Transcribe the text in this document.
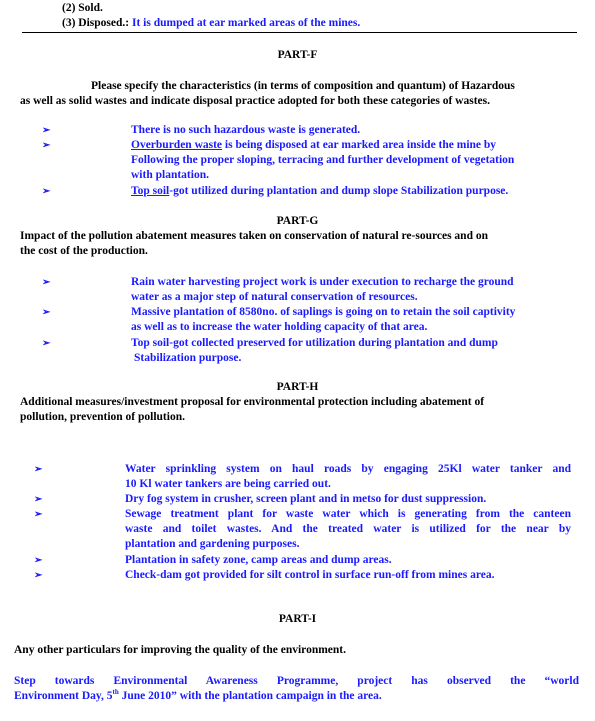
(2) Sold.
(3) Disposed.: It is dumped at ear marked areas of the mines.
PART-F
Please specify the characteristics (in terms of composition and quantum) of Hazardous
as well as solid wastes and indicate disposal practice adopted for both these categories of wastes.
➢	There is no such hazardous waste is generated.
➢	Overburden waste is being disposed at ear marked area inside the mine by
Following the proper sloping, terracing and further development of vegetation
with plantation.
➢	Top soil-got utilized during plantation and dump slope Stabilization purpose.
PART-G
Impact of the pollution abatement measures taken on conservation of natural re-sources and on
the cost of the production.
➢	Rain water harvesting project work is under execution to recharge the ground
water as a major step of natural conservation of resources.
➢	Massive plantation of 8580no. of saplings is going on to retain the soil captivity
as well as to increase the water holding capacity of that area.
➢	Top soil-got collected preserved for utilization during plantation and dump
Stabilization purpose.
PART-H
Additional measures/investment proposal for environmental protection including abatement of
pollution, prevention of pollution.
➢	Water sprinkling system on haul roads by engaging 25Kl water tanker and
10 Kl water tankers are being carried out.
➢	Dry fog system in crusher, screen plant and in metso for dust suppression.
➢	Sewage treatment plant for waste water which is generating from the canteen
waste and toilet wastes. And the treated water is utilized for the near by
plantation and gardening purposes.
➢	Plantation in safety zone, camp areas and dump areas.
➢	Check-dam got provided for silt control in surface run-off from mines area.
PART-I
Any other particulars for improving the quality of the environment.
Step towards Environmental Awareness Programme, project has observed the “world
Environment Day, 5th June 2010” with the plantation campaign in the area.
